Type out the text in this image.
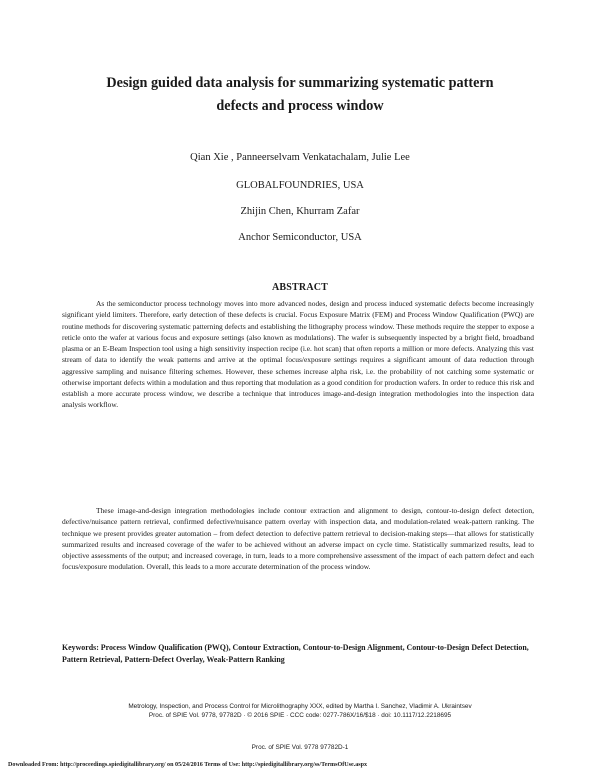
Design guided data analysis for summarizing systematic pattern
defects and process window
Qian Xie , Panneerselvam Venkatachalam, Julie Lee
GLOBALFOUNDRIES, USA
Zhijin Chen, Khurram Zafar
Anchor Semiconductor, USA
ABSTRACT

As the semiconductor process technology moves into more advanced nodes, design and process induced systematic defects become increasingly significant yield limiters. Therefore, early detection of these defects is crucial. Focus Exposure Matrix (FEM) and Process Window Qualification (PWQ) are routine methods for discovering systematic patterning defects and establishing the lithography process window. These methods require the stepper to expose a reticle onto the wafer at various focus and exposure settings (also known as modulations). The wafer is subsequently inspected by a bright field, broadband plasma or an E-Beam Inspection tool using a high sensitivity inspection recipe (i.e. hot scan) that often reports a million or more defects. Analyzing this vast stream of data to identify the weak patterns and arrive at the optimal focus/exposure settings requires a significant amount of data reduction through aggressive sampling and nuisance filtering schemes. However, these schemes increase alpha risk, i.e. the probability of not catching some systematic or otherwise important defects within a modulation and thus reporting that modulation as a good condition for production wafers. In order to reduce this risk and establish a more accurate process window, we describe a technique that introduces image-and-design integration methodologies into the inspection data analysis workflow.

These image-and-design integration methodologies include contour extraction and alignment to design, contour-to-design defect detection, defective/nuisance pattern retrieval, confirmed defective/nuisance pattern overlay with inspection data, and modulation-related weak-pattern ranking. The technique we present provides greater automation – from defect detection to defective pattern retrieval to decision-making steps—that allows for statistically summarized results and increased coverage of the wafer to be achieved without an adverse impact on cycle time. Statistically summarized results, lead to objective assessments of the output; and increased coverage, in turn, leads to a more comprehensive assessment of the impact of each pattern defect and each focus/exposure modulation. Overall, this leads to a more accurate determination of the process window.

Keywords: Process Window Qualification (PWQ), Contour Extraction, Contour-to-Design Alignment, Contour-to-Design Defect Detection, Pattern Retrieval, Pattern-Defect Overlay, Weak-Pattern Ranking

Metrology, Inspection, and Process Control for Microlithography XXX, edited by Martha I. Sanchez, Vladimir A. Ukraintsev
Proc. of SPIE Vol. 9778, 97782D · © 2016 SPIE · CCC code: 0277-786X/16/$18 · doi: 10.1117/12.2218695
Proc. of SPIE Vol. 9778 97782D-1
Downloaded From: http://proceedings.spiedigitallibrary.org/ on 05/24/2016 Terms of Use: http://spiedigitallibrary.org/ss/TermsOfUse.aspx
